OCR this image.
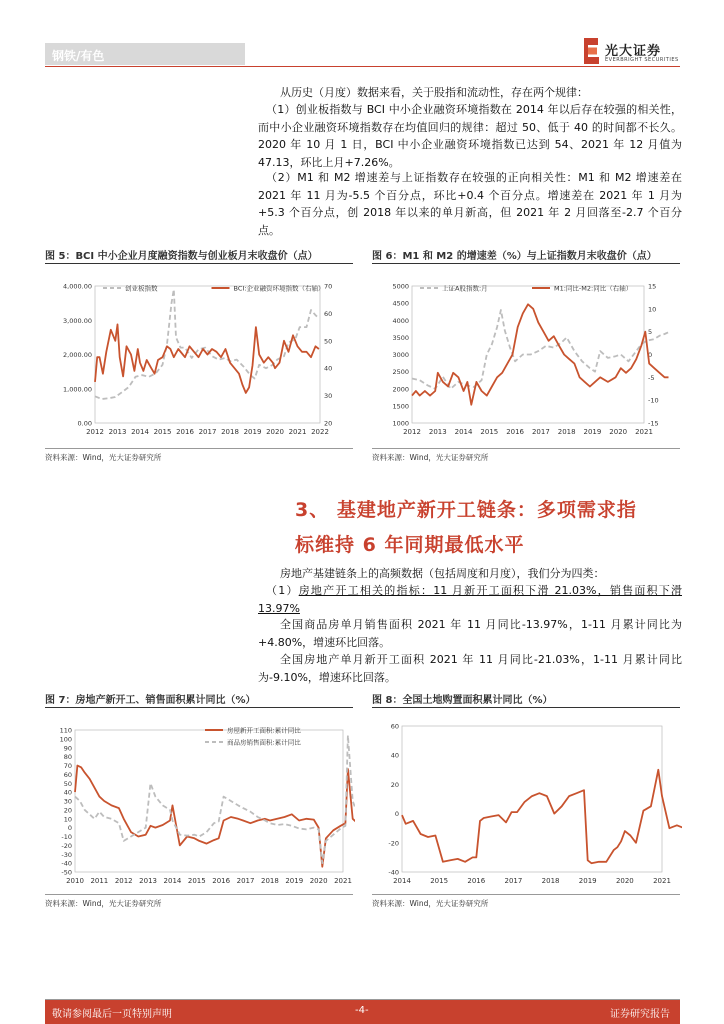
钢铁/有色	光大证券
EVERBRIGHT SECURITIES
从历史（月度）数据来看，关于股指和流动性，存在两个规律：
（1）创业板指数与 BCI 中小企业融资环境指数在 2014 年以后存在较强的相关性，而中小企业融资环境指数存在均值回归的规律：超过 50、低于 40 的时间都不长久。2020 年 10 月 1 日，BCI 中小企业融资环境指数已达到 54、2021 年 12 月值为 47.13，环比上月+7.26%。
（2）M1 和 M2 增速差与上证指数存在较强的正向相关性：M1 和 M2 增速差在 2021 年 11 月为-5.5 个百分点，环比+0.4 个百分点。增速差在 2021 年 1 月为+5.3 个百分点，创 2018 年以来的单月新高，但 2021 年 2 月回落至-2.7 个百分点。
图 5：BCI 中小企业月度融资指数与创业板月末收盘价（点）
2012 2013 2014 2015 2016 2017 2018 2019 2020 2021 2022
0.00
1,000.00
2,000.00
3,000.00
4,000.00
20
30
40
50
60
70
创业板指数	BCI:企业融资环境指数（右轴）
资料来源：Wind，光大证券研究所
图 6：M1 和 M2 的增速差（%）与上证指数月末收盘价（点）
2012 2013 2014 2015 2016 2017 2018 2019 2020 2021
1000
1500
2000
2500
3000
3500
4000
4500
5000
-15
-10
-5
0
5
10
15
上证A股指数:月	M1:同比-M2:同比（右轴）
资料来源：Wind，光大证券研究所
3、 基建地产新开工链条：多项需求指
标维持 6 年同期最低水平
房地产基建链条上的高频数据（包括周度和月度），我们分为四类：
（1）房地产开工相关的指标：11 月新开工面积下滑 21.03%，销售面积下滑 13.97%
全国商品房单月销售面积 2021 年 11 月同比-13.97%，1-11 月累计同比为+4.80%，增速环比回落。
全国房地产单月新开工面积 2021 年 11 月同比-21.03%，1-11 月累计同比为-9.10%，增速环比回落。
图 7：房地产新开工、销售面积累计同比（%）
2010 2011 2012 2013 2014 2015 2016 2017 2018 2019 2020 2021
-50
-40
-30
-20
-10
0
10
20
30
40
50
60
70
80
90
100
110	房屋新开工面积:累计同比
商品房销售面积:累计同比
资料来源：Wind，光大证券研究所
图 8：全国土地购置面积累计同比（%）
2014	2015	2016	2017	2018	2019	2020	2021
-40
-20
0
20
40
60
资料来源：Wind，光大证券研究所
敬请参阅最后一页特别声明	-4-	证券研究报告
